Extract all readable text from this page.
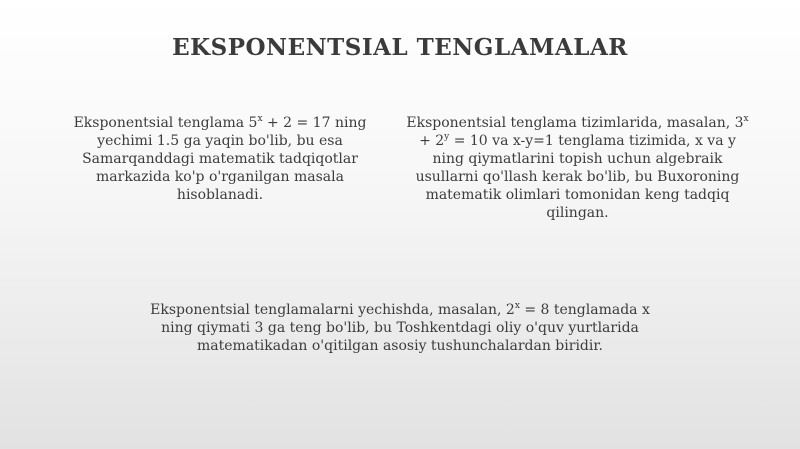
EKSPONENTSIAL TENGLAMALAR
Eksponentsial tenglama $5^x + 2 = 17$ ning yechimi 1.5 ga yaqin bo'lib, bu esa Samarqanddagi matematik tadqiqotlar markazida ko'p o'rganilgan masala hisoblanadi.
Eksponentsial tenglama tizimlarida, masalan, $3^x + 2^y = 10$ va x-y=1 tenglama tizimida, x va y ning qiymatlarini topish uchun algebraik usullarni qo'llash kerak bo'lib, bu Buxoroning matematik olimlari tomonidan keng tadqiq qilingan.
Eksponentsial tenglamalarni yechishda, masalan, $2^x = 8$ tenglamada x ning qiymati 3 ga teng bo'lib, bu Toshkentdagi oliy o'quv yurtlarida matematikadan o'qitilgan asosiy tushunchalardan biridir.
